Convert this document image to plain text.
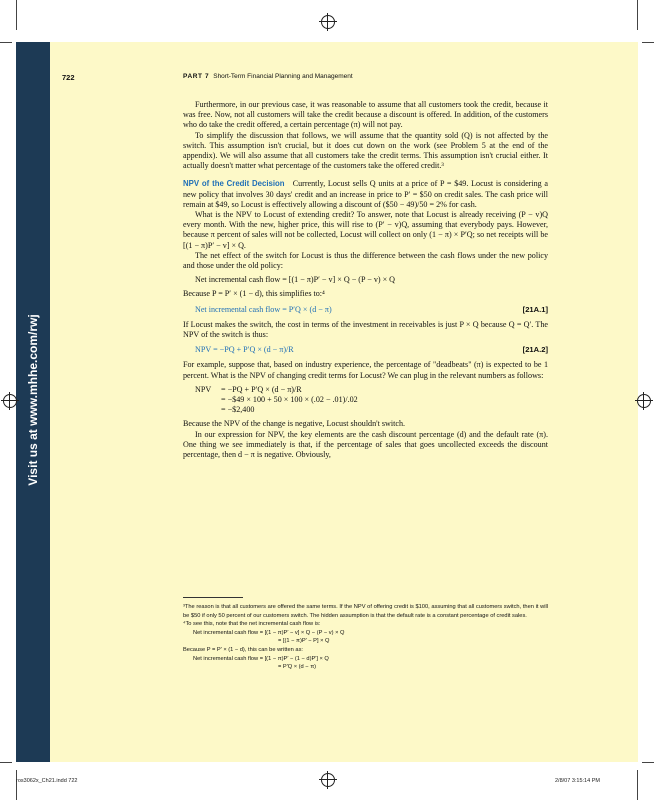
Visit us at www.mhhe.com/rwj
722	PART 7 Short-Term Financial Planning and Management

Furthermore, in our previous case, it was reasonable to assume that all customers took the credit, because it was free. Now, not all customers will take the credit because a discount is offered. In addition, of the customers who do take the credit offered, a certain percentage (π) will not pay.

To simplify the discussion that follows, we will assume that the quantity sold (Q) is not affected by the switch. This assumption isn't crucial, but it does cut down on the work (see Problem 5 at the end of the appendix). We will also assume that all customers take the credit terms. This assumption isn't crucial either. It actually doesn't matter what percentage of the customers take the offered credit.³

NPV of the Credit Decision Currently, Locust sells Q units at a price of P = $49. Locust is considering a new policy that involves 30 days' credit and an increase in price to P′ = $50 on credit sales. The cash price will remain at $49, so Locust is effectively allowing a discount of ($50 − 49)/50 = 2% for cash.

What is the NPV to Locust of extending credit? To answer, note that Locust is already receiving (P − v)Q every month. With the new, higher price, this will rise to (P′ − v)Q, assuming that everybody pays. However, because π percent of sales will not be collected, Locust will collect on only (1 − π) × P′Q; so net receipts will be [(1 − π)P′ − v] × Q.

The net effect of the switch for Locust is thus the difference between the cash flows under the new policy and those under the old policy:

Net incremental cash flow = [(1 − π)P′ − v] × Q − (P − v) × Q

Because P = P′ × (1 − d), this simplifies to:⁴

Net incremental cash flow = P′Q × (d − π)	[21A.1]

If Locust makes the switch, the cost in terms of the investment in receivables is just P × Q because Q = Q′. The NPV of the switch is thus:

NPV = −PQ + P′Q × (d − π)/R	[21A.2]

For example, suppose that, based on industry experience, the percentage of "deadbeats" (π) is expected to be 1 percent. What is the NPV of changing credit terms for Locust? We can plug in the relevant numbers as follows:

NPV	= −PQ + P′Q × (d − π)/R
= −$49 × 100 + 50 × 100 × (.02 − .01)/.02
= −$2,400

Because the NPV of the change is negative, Locust shouldn't switch.

In our expression for NPV, the key elements are the cash discount percentage (d) and the default rate (π). One thing we see immediately is that, if the percentage of sales that goes uncollected exceeds the discount percentage, then d − π is negative. Obviously,

³The reason is that all customers are offered the same terms. If the NPV of offering credit is $100, assuming that all customers switch, then it will be $50 if only 50 percent of our customers switch. The hidden assumption is that the default rate is a constant percentage of credit sales.

⁴To see this, note that the net incremental cash flow is:

Net incremental cash flow = [(1 − π)P′ − v] × Q − (P − v) × Q

= [(1 − π)P′ − P] × Q

Because P = P′ × (1 − d), this can be written as:

Net incremental cash flow = [(1 − π)P′ − (1 − d)P′] × Q

= P′Q × (d − π)

ros3062x_Ch21.indd 722	2/8/07 3:15:14 PM
